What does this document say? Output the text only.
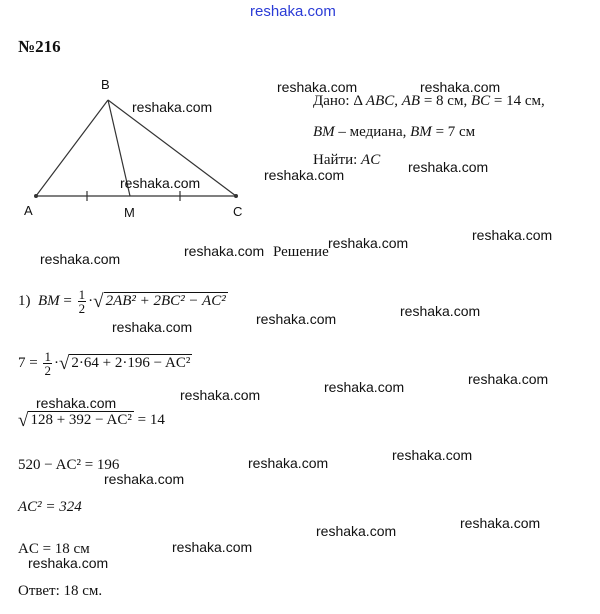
reshaka.com
№216
B
A	M	C
Дано: Δ ABC, AB = 8 см, BC = 14 см,
BM – медиана, BM = 7 см
Найти: AC
Решение
1) BM = $\frac{1}{2}$ ·√ 2AB² + 2BC² − AC²
$7 = \frac{1}{2}$ ·√ 2·64 + 2·196 − AC²
√ 128 + 392 − AC² = 14
520 − AC² = 196
AC² = 324
AC = 18 см
Ответ: 18 см.
reshaka.com
reshaka.com	reshaka.com
reshaka.com	reshaka.com	reshaka.com
reshaka.com	reshaka.com	reshaka.com	reshaka.com
reshaka.com	reshaka.com	reshaka.com
reshaka.com	reshaka.com	reshaka.com
reshaka.com
reshaka.com
reshaka.com	reshaka.com
reshaka.com	reshaka.com
reshaka.com
reshaka.com
